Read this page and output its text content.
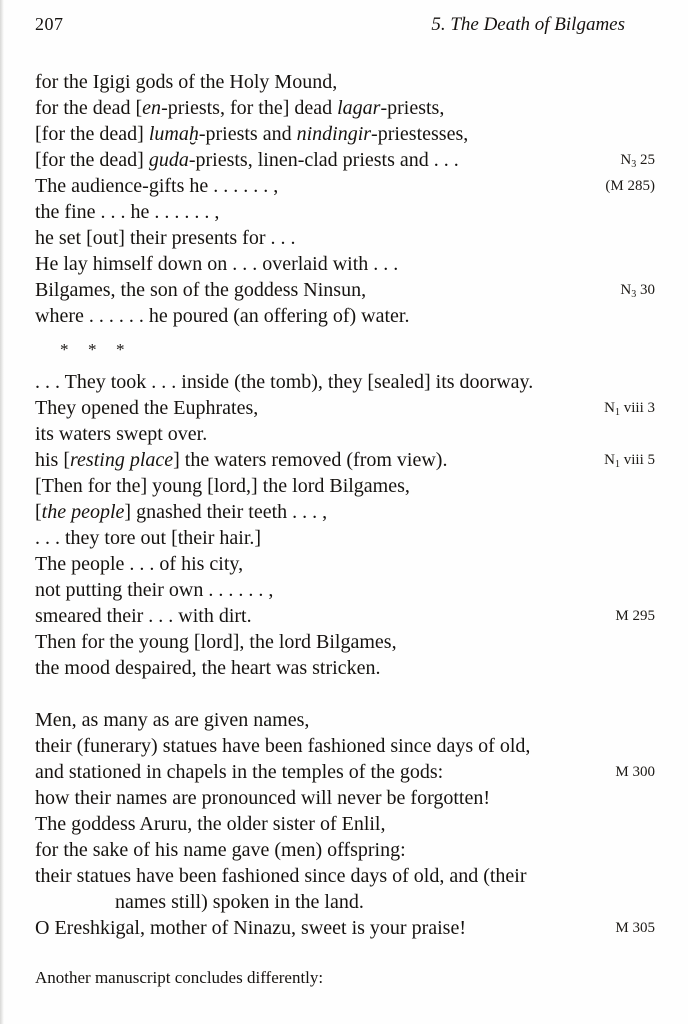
207	5. The Death of Bilgames
for the Igigi gods of the Holy Mound,
for the dead [en-priests, for the] dead lagar-priests,
[for the dead] lumaḫ-priests and nindingir-priestesses,
[for the dead] guda-priests, linen-clad priests and . . .	$N_3$ 25
The audience-gifts he . . . . . . ,	(M 285)
the fine . . . he . . . . . . ,
he set [out] their presents for . . .
He lay himself down on . . . overlaid with . . .
Bilgames, the son of the goddess Ninsun,	$N_3$ 30
where . . . . . . he poured (an offering of) water.
* * *
. . . They took . . . inside (the tomb), they [sealed] its doorway.
They opened the Euphrates,	$N_1$ viii 3
its waters swept over.
his [resting place] the waters removed (from view).	$N_1$ viii 5
[Then for the] young [lord,] the lord Bilgames,
[the people] gnashed their teeth . . . ,
. . . they tore out [their hair.]
The people . . . of his city,
not putting their own . . . . . . ,
smeared their . . . with dirt.	M 295
Then for the young [lord], the lord Bilgames,
the mood despaired, the heart was stricken.
Men, as many as are given names,
their (funerary) statues have been fashioned since days of old,
and stationed in chapels in the temples of the gods:	M 300
how their names are pronounced will never be forgotten!
The goddess Aruru, the older sister of Enlil,
for the sake of his name gave (men) offspring:
their statues have been fashioned since days of old, and (their
names still) spoken in the land.
O Ereshkigal, mother of Ninazu, sweet is your praise!	M 305
Another manuscript concludes differently:
